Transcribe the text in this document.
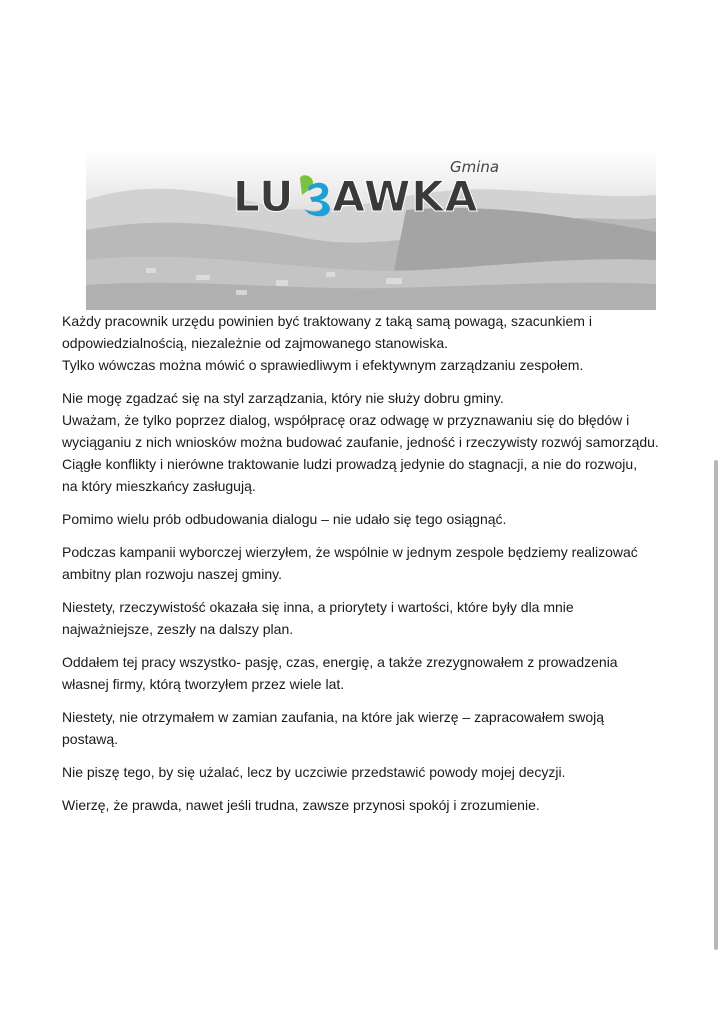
LU AWKA
Gmina

Każdy pracownik urzędu powinien być traktowany z taką samą powagą, szacunkiem i
odpowiedzialnością, niezależnie od zajmowanego stanowiska.
Tylko wówczas można mówić o sprawiedliwym i efektywnym zarządzaniu zespołem.

Nie mogę zgadzać się na styl zarządzania, który nie służy dobru gminy.
Uważam, że tylko poprzez dialog, współpracę oraz odwagę w przyznawaniu się do błędów i
wyciąganiu z nich wniosków można budować zaufanie, jedność i rzeczywisty rozwój samorządu.
Ciągłe konflikty i nierówne traktowanie ludzi prowadzą jedynie do stagnacji, a nie do rozwoju,
na który mieszkańcy zasługują.

Pomimo wielu prób odbudowania dialogu – nie udało się tego osiągnąć.

Podczas kampanii wyborczej wierzyłem, że wspólnie w jednym zespole będziemy realizować
ambitny plan rozwoju naszej gminy.

Niestety, rzeczywistość okazała się inna, a priorytety i wartości, które były dla mnie
najważniejsze, zeszły na dalszy plan.

Oddałem tej pracy wszystko- pasję, czas, energię, a także zrezygnowałem z prowadzenia
własnej firmy, którą tworzyłem przez wiele lat.

Niestety, nie otrzymałem w zamian zaufania, na które jak wierzę – zapracowałem swoją
postawą.

Nie piszę tego, by się użalać, lecz by uczciwie przedstawić powody mojej decyzji.

Wierzę, że prawda, nawet jeśli trudna, zawsze przynosi spokój i zrozumienie.
